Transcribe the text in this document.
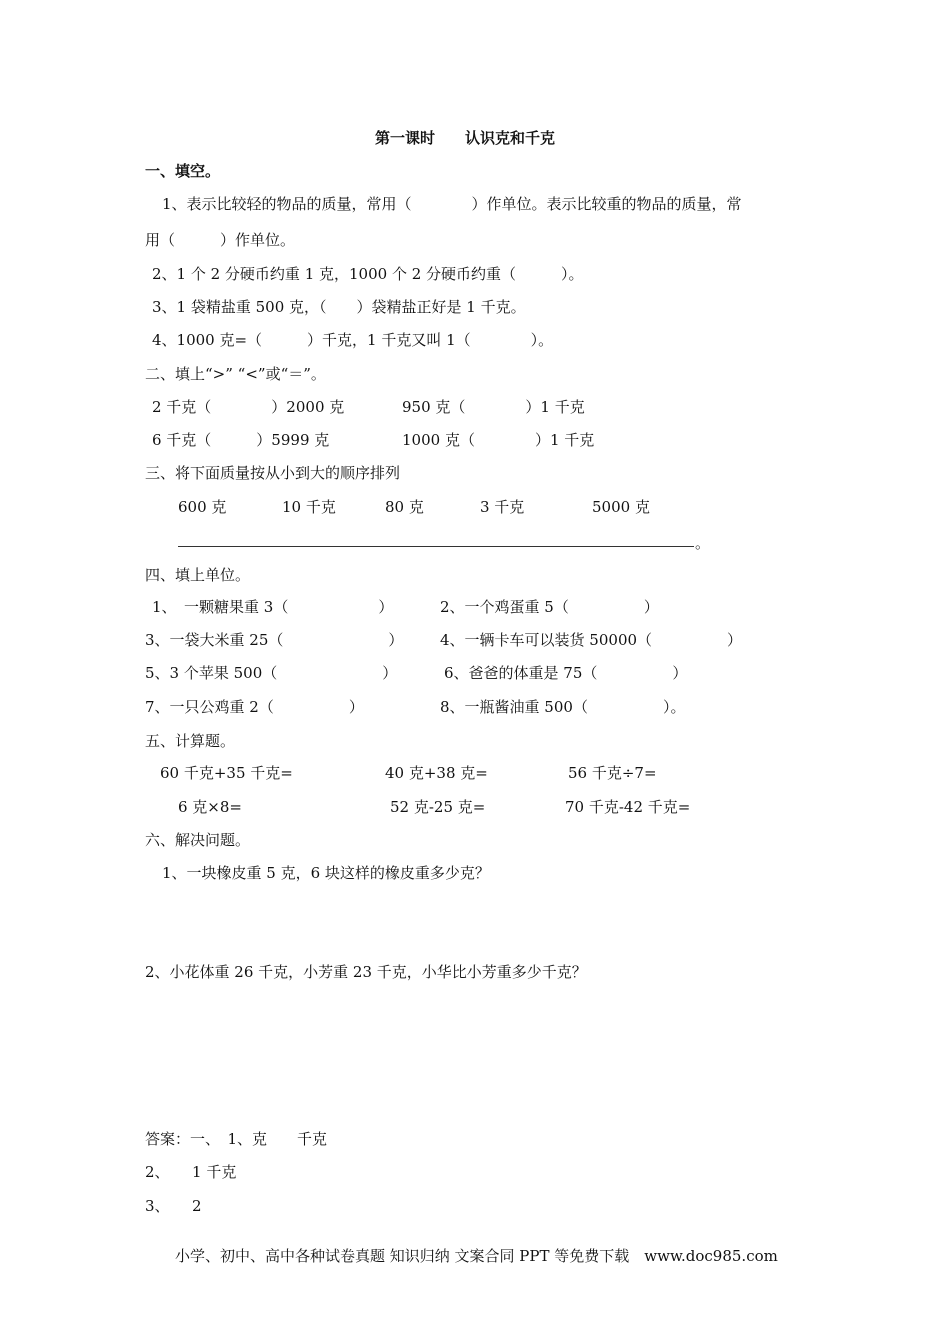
第一课时　　认识克和千克
一、填空。
1、表示比较轻的物品的质量，常用（　　　　）作单位。表示比较重的物品的质量，常
用（　　　）作单位。
2、1 个 2 分硬币约重 1 克，1000 个 2 分硬币约重（　　　）。
3、1 袋精盐重 500 克，（　　）袋精盐正好是 1 千克。
4、1000 克=（　　　）千克，1 千克又叫 1（　　　　）。
二、填上“>” “<”或“＝”。
2 千克（　　　　）2000 克	950 克（　　　　）1 千克
6 千克（　　　）5999 克	1000 克（　　　　）1 千克
三、将下面质量按从小到大的顺序排列
600 克	10 千克	80 克	3 千克	5000 克
。
四、填上单位。
1、　一颗糖果重 3（　　　　　　）	2、一个鸡蛋重 5（　　　　　）
3、一袋大米重 25（　　　　　　　） 4、一辆卡车可以装货 50000（　　　　　）
5、3 个苹果 500（　　　　　　　）	6、爸爸的体重是 75（　　　　　）
7、一只公鸡重 2（　　　　　）	8、一瓶酱油重 500（　　　　　）。
五、计算题。
60 千克+35 千克=	40 克+38 克=	56 千克÷7=
6 克×8=	52 克-25 克=	70 千克-42 千克=
六、解决问题。
1、一块橡皮重 5 克，6 块这样的橡皮重多少克？
2、小花体重 26 千克，小芳重 23 千克，小华比小芳重多少千克？
答案：一、　1、克　　千克
2、　　1 千克
3、　　2
小学、初中、高中各种试卷真题 知识归纳 文案合同 PPT 等免费下载　www.doc985.com
